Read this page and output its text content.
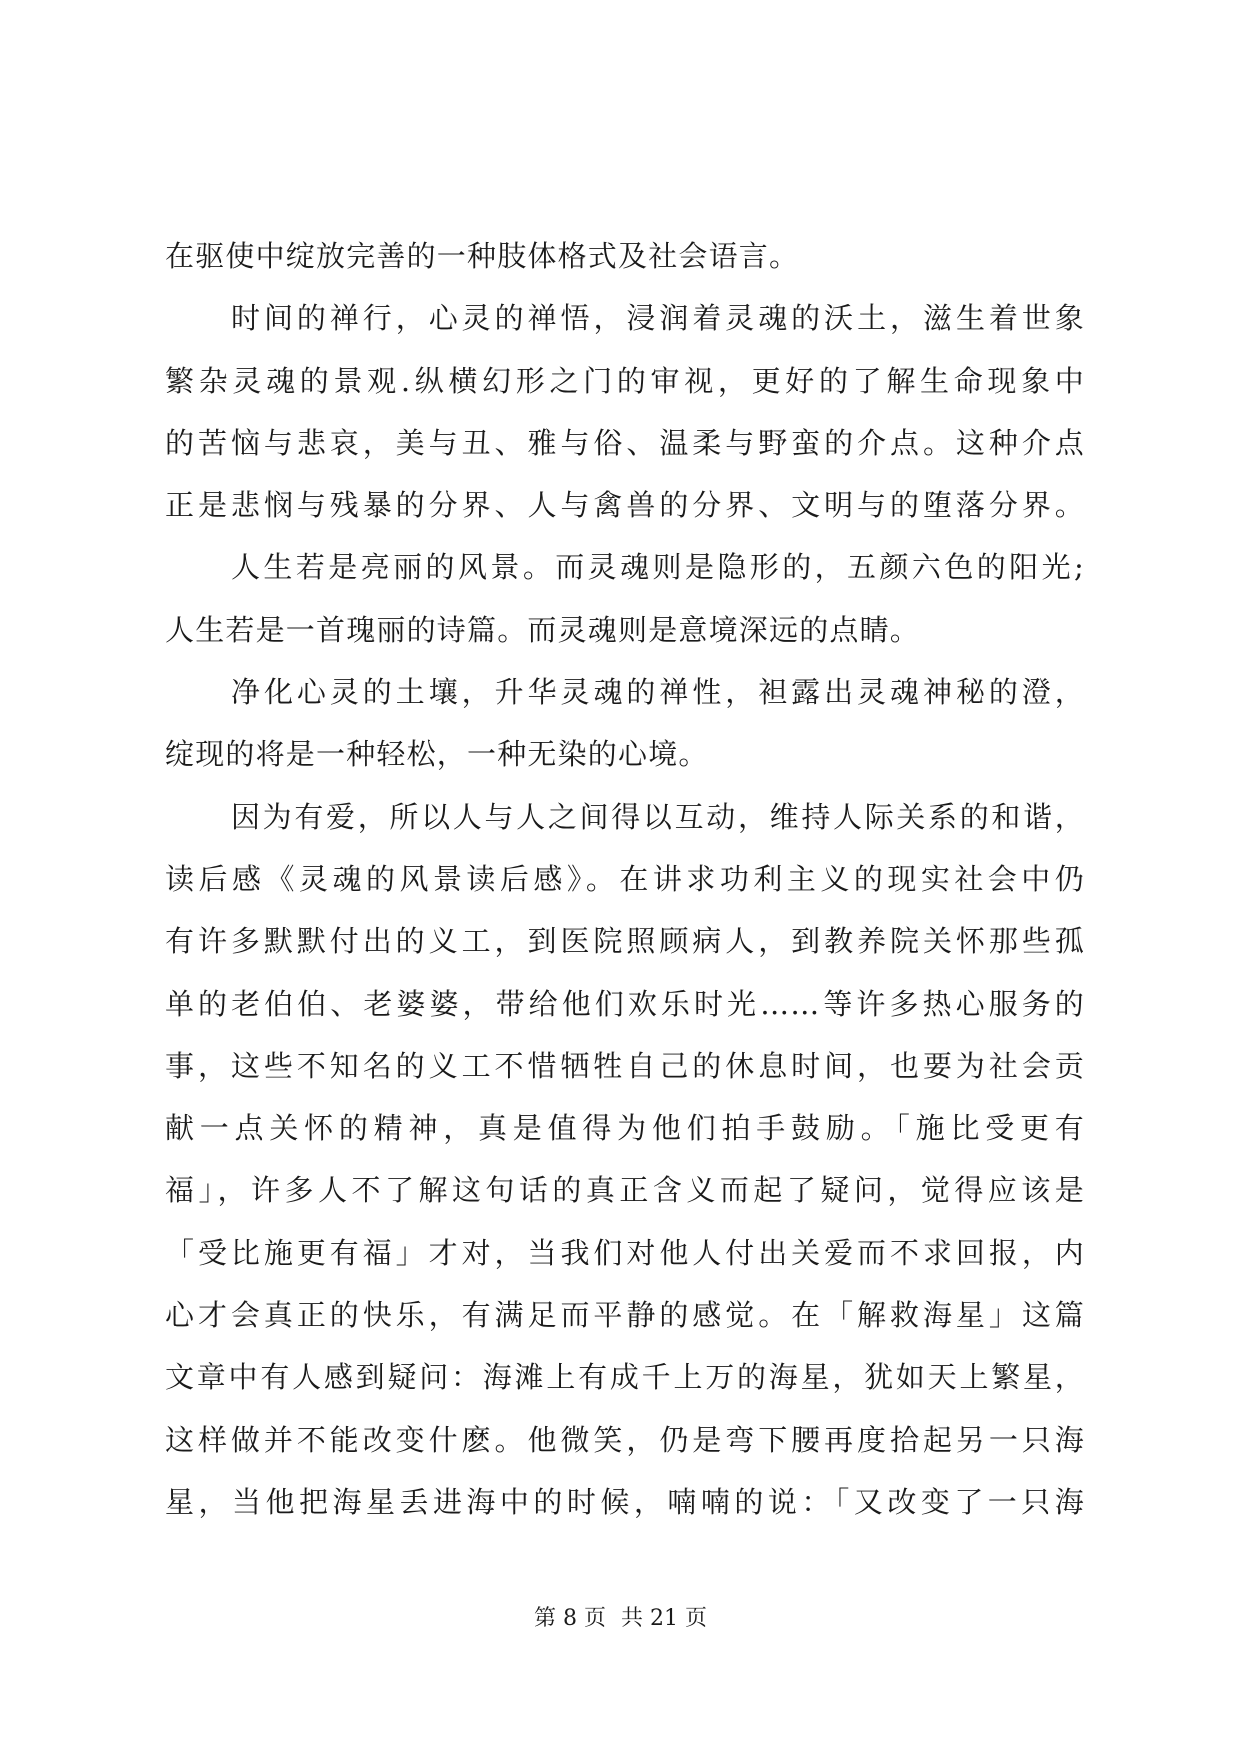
在驱使中绽放完善的一种肢体格式及社会语言。
时间的禅行，心灵的禅悟，浸润着灵魂的沃土，滋生着世象
繁杂灵魂的景观.纵横幻形之门的审视，更好的了解生命现象中
的苦恼与悲哀，美与丑、雅与俗、温柔与野蛮的介点。这种介点
正是悲悯与残暴的分界、人与禽兽的分界、文明与的堕落分界。
人生若是亮丽的风景。而灵魂则是隐形的，五颜六色的阳光;
人生若是一首瑰丽的诗篇。而灵魂则是意境深远的点睛。
净化心灵的土壤，升华灵魂的禅性，袒露出灵魂神秘的澄，
绽现的将是一种轻松，一种无染的心境。
因为有爱，所以人与人之间得以互动，维持人际关系的和谐，
读后感《灵魂的风景读后感》。在讲求功利主义的现实社会中仍
有许多默默付出的义工，到医院照顾病人，到教养院关怀那些孤
单的老伯伯、老婆婆，带给他们欢乐时光……等许多热心服务的
事，这些不知名的义工不惜牺牲自己的休息时间，也要为社会贡
献一点关怀的精神，真是值得为他们拍手鼓励。「施比受更有
福」，许多人不了解这句话的真正含义而起了疑问，觉得应该是
「受比施更有福」才对，当我们对他人付出关爱而不求回报，内
心才会真正的快乐，有满足而平静的感觉。在「解救海星」这篇
文章中有人感到疑问：海滩上有成千上万的海星，犹如天上繁星，
这样做并不能改变什麽。他微笑，仍是弯下腰再度拾起另一只海
星，当他把海星丢进海中的时候，喃喃的说：「又改变了一只海
第 8 页 共 21 页
